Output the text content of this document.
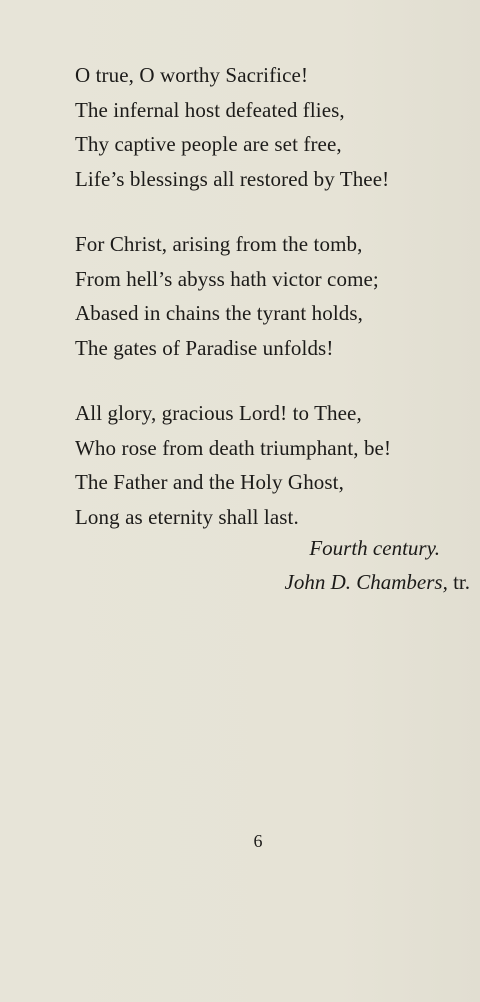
O true, O worthy Sacrifice!
The infernal host defeated flies,
Thy captive people are set free,
Life’s blessings all restored by Thee!
For Christ, arising from the tomb,
From hell’s abyss hath victor come;
Abased in chains the tyrant holds,
The gates of Paradise unfolds!
All glory, gracious Lord! to Thee,
Who rose from death triumphant, be!
The Father and the Holy Ghost,
Long as eternity shall last.
Fourth century.
John D. Chambers, tr.
6
